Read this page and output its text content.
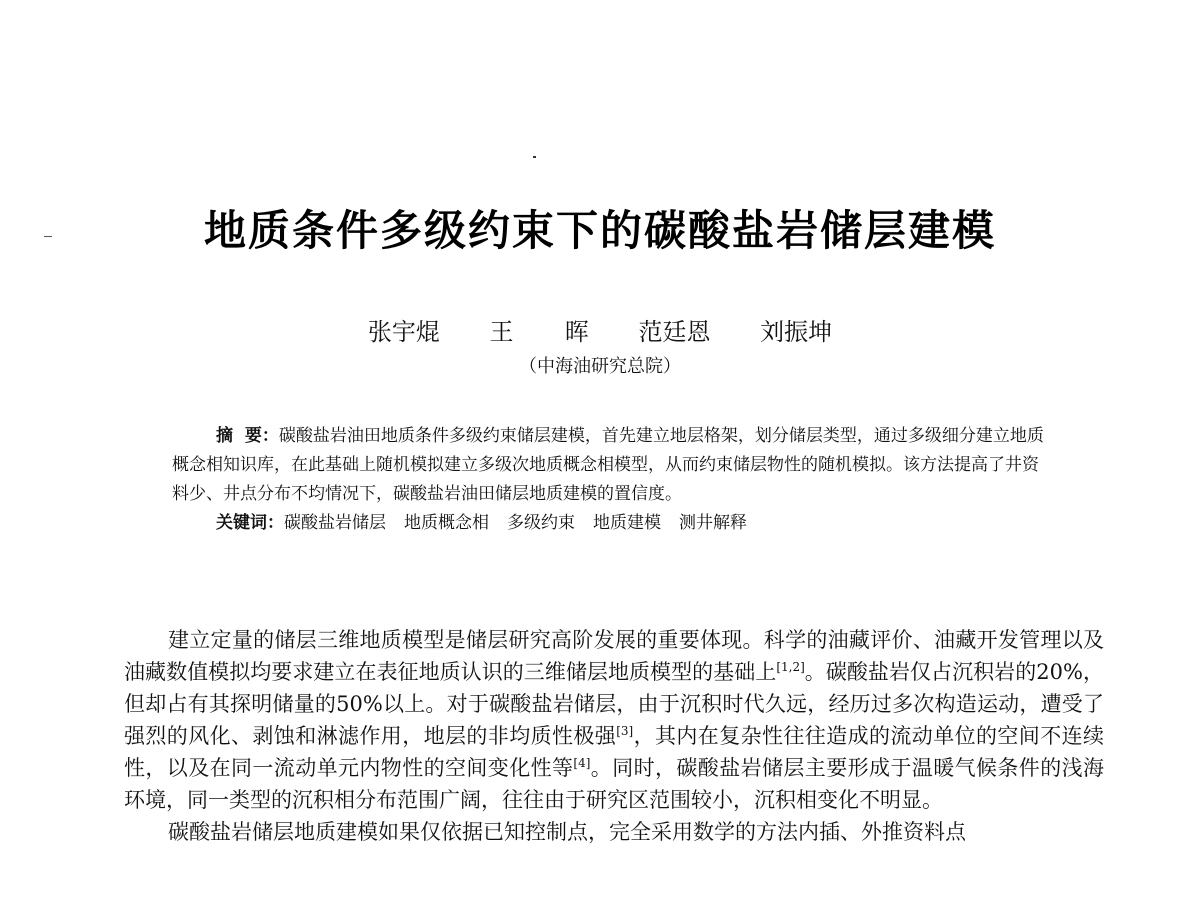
地质条件多级约束下的碳酸盐岩储层建模
张宇焜 王  晖 范廷恩 刘振坤
（中海油研究总院）

摘  要：碳酸盐岩油田地质条件多级约束储层建模，首先建立地层格架，划分储层类型，通过多级细分建立地质概念相知识库，在此基础上随机模拟建立多级次地质概念相模型，从而约束储层物性的随机模拟。该方法提高了井资料少、井点分布不均情况下，碳酸盐岩油田储层地质建模的置信度。

关键词：碳酸盐岩储层 地质概念相 多级约束 地质建模 测井解释

建立定量的储层三维地质模型是储层研究高阶发展的重要体现。科学的油藏评价、油藏开发管理以及油藏数值模拟均要求建立在表征地质认识的三维储层地质模型的基础上[1,2]。碳酸盐岩仅占沉积岩的20%，但却占有其探明储量的50%以上。对于碳酸盐岩储层，由于沉积时代久远，经历过多次构造运动，遭受了强烈的风化、剥蚀和淋滤作用，地层的非均质性极强[3]，其内在复杂性往往造成的流动单位的空间不连续性，以及在同一流动单元内物性的空间变化性等[4]。同时，碳酸盐岩储层主要形成于温暖气候条件的浅海环境，同一类型的沉积相分布范围广阔，往往由于研究区范围较小，沉积相变化不明显。

碳酸盐岩储层地质建模如果仅依据已知控制点，完全采用数学的方法内插、外推资料点
